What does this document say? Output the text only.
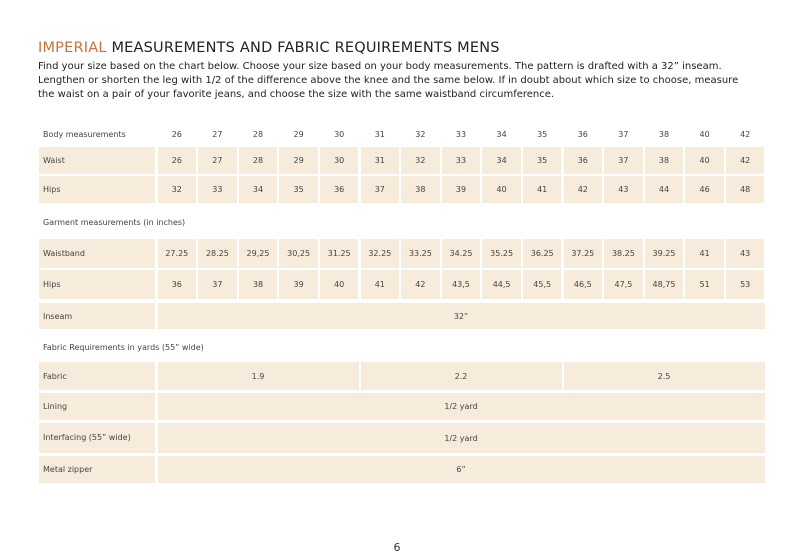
IMPERIAL MEASUREMENTS AND FABRIC REQUIREMENTS MENS

Find your size based on the chart below. Choose your size based on your body measurements. The pattern is drafted with a 32” inseam. Lengthen or shorten the leg with 1/2 of the difference above the knee and the same below. If in doubt about which size to choose, measure the waist on a pair of your favorite jeans, and choose the size with the same waistband circumference.

Body measurements	26	27	28	29	30	31	32	33	34	35	36	37	38	40	42
Waist	26	27	28	29	30	31	32	33	34	35	36	37	38	40	42
Hips	32	33	34	35	36	37	38	39	40	41	42	43	44	46	48
Garment measurements (in inches)
Waistband	27.25	28.25	29,25	30,25	31.25	32.25	33.25	34.25	35.25	36.25	37.25	38.25	39.25	41	43
Hips	36	37	38	39	40	41	42	43,5	44,5	45,5	46,5	47,5	48,75	51	53
Inseam	32”
Fabric Requirements in yards (55” wide)
Fabric	1.9	2.2	2.5
Lining	1/2 yard
Interfacing (55” wide)	1/2 yard
Metal zipper	6”
6
